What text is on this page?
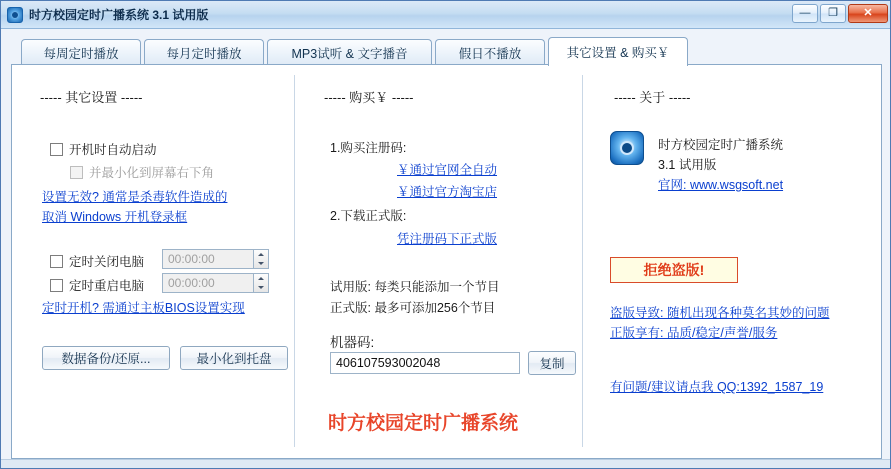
时方校园定时广播系统 3.1 试用版	—	❐	✕
每周定时播放	每月定时播放	MP3试听 & 文字播音	假日不播放	其它设置 & 购买￥
----- 其它设置 -----
开机时自动启动
并最小化到屏幕右下角
设置无效? 通常是杀毒软件造成的
取消 Windows 开机登录框
定时关闭电脑	00:00:00
定时重启电脑	00:00:00
定时开机? 需通过主板BIOS设置实现
数据备份/还原...	最小化到托盘
----- 购买￥ -----
1.购买注册码:
￥通过官网全自动
￥通过官方淘宝店
2.下载正式版:
凭注册码下正式版
试用版: 每类只能添加一个节目
正式版: 最多可添加256个节目
机器码:
406107593002048	复制
时方校园定时广播系统
----- 关于 -----
时方校园定时广播系统
3.1 试用版
官网: www.wsgsoft.net
拒绝盗版!
盗版导致: 随机出现各种莫名其妙的问题
正版享有: 品质/稳定/声誉/服务
有问题/建议请点我 QQ:1392_1587_19
